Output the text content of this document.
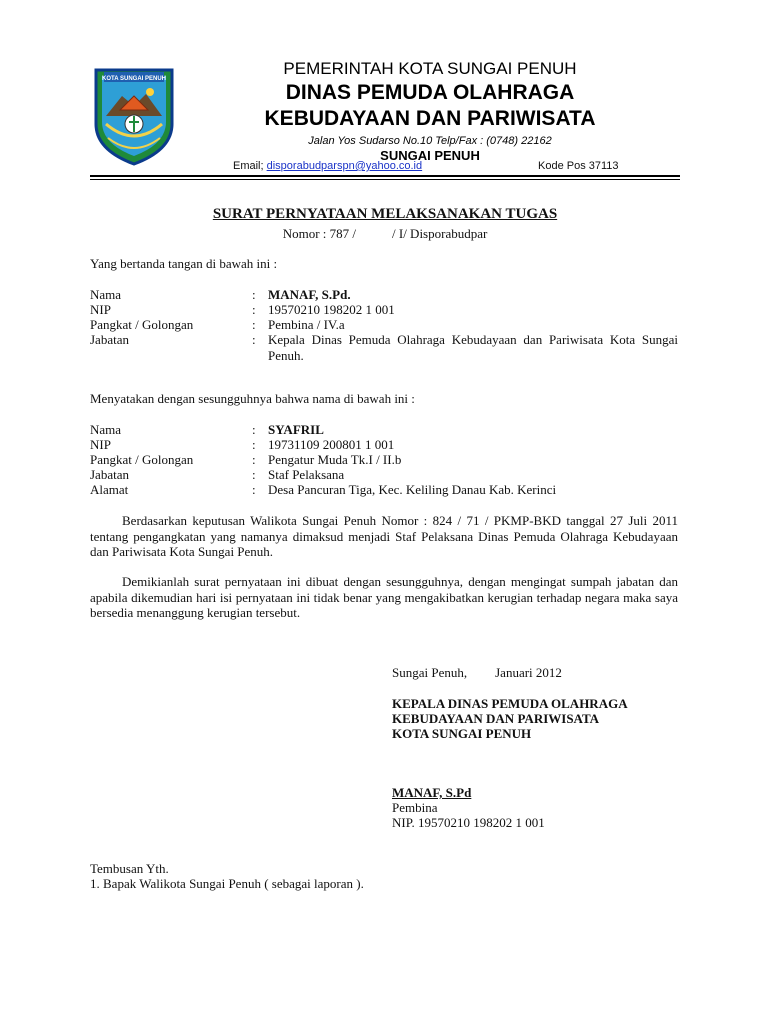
KOTA SUNGAI PENUH
PEMERINTAH KOTA SUNGAI PENUH
DINAS PEMUDA OLAHRAGA
KEBUDAYAAN DAN PARIWISATA
Jalan Yos Sudarso No.10 Telp/Fax : (0748) 22162
SUNGAI PENUH
Email; disporabudparspn@yahoo.co.id	Kode Pos 37113
SURAT PERNYATAAN MELAKSANAKAN TUGAS
Nomor : 787 /	/ I/ Disporabudpar
Yang bertanda tangan di bawah ini :
Nama	: MANAF, S.Pd.
NIP	: 19570210 198202 1 001
Pangkat / Golongan	: Pembina / IV.a
Jabatan	: Kepala Dinas Pemuda Olahraga Kebudayaan dan Pariwisata Kota Sungai Penuh.
Menyatakan dengan sesungguhnya bahwa nama di bawah ini :
Nama	: SYAFRIL
NIP	: 19731109 200801 1 001
Pangkat / Golongan	: Pengatur Muda Tk.I / II.b
Jabatan	: Staf Pelaksana
Alamat	: Desa Pancuran Tiga, Kec. Keliling Danau Kab. Kerinci
Berdasarkan keputusan Walikota Sungai Penuh Nomor : 824 / 71 / PKMP-BKD tanggal 27 Juli 2011 tentang pengangkatan yang namanya dimaksud menjadi Staf Pelaksana Dinas Pemuda Olahraga Kebudayaan dan Pariwisata Kota Sungai Penuh.
Demikianlah surat pernyataan ini dibuat dengan sesungguhnya, dengan mengingat sumpah jabatan dan apabila dikemudian hari isi pernyataan ini tidak benar yang mengakibatkan kerugian terhadap negara maka saya bersedia menanggung kerugian tersebut.
Sungai Penuh, Januari 2012
KEPALA DINAS PEMUDA OLAHRAGA
KEBUDAYAAN DAN PARIWISATA
KOTA SUNGAI PENUH
MANAF, S.Pd
Pembina
NIP. 19570210 198202 1 001
Tembusan Yth.
1. Bapak Walikota Sungai Penuh ( sebagai laporan ).
